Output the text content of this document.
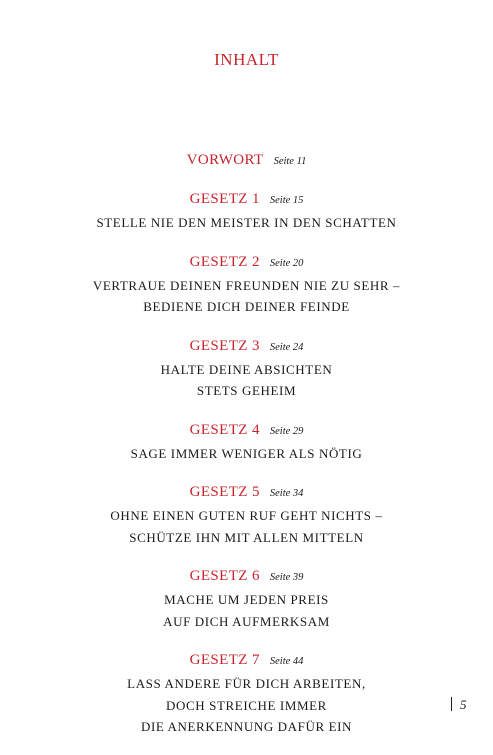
INHALT
VORWORT Seite 11
GESETZ 1 Seite 15
STELLE NIE DEN MEISTER IN DEN SCHATTEN
GESETZ 2 Seite 20
VERTRAUE DEINEN FREUNDEN NIE ZU SEHR –
BEDIENE DICH DEINER FEINDE
GESETZ 3 Seite 24
HALTE DEINE ABSICHTEN
STETS GEHEIM
GESETZ 4 Seite 29
SAGE IMMER WENIGER ALS NÖTIG
GESETZ 5 Seite 34
OHNE EINEN GUTEN RUF GEHT NICHTS –
SCHÜTZE IHN MIT ALLEN MITTELN
GESETZ 6 Seite 39
MACHE UM JEDEN PREIS
AUF DICH AUFMERKSAM
GESETZ 7 Seite 44
LASS ANDERE FÜR DICH ARBEITEN,
DOCH STREICHE IMMER
DIE ANERKENNUNG DAFÜR EIN
5
